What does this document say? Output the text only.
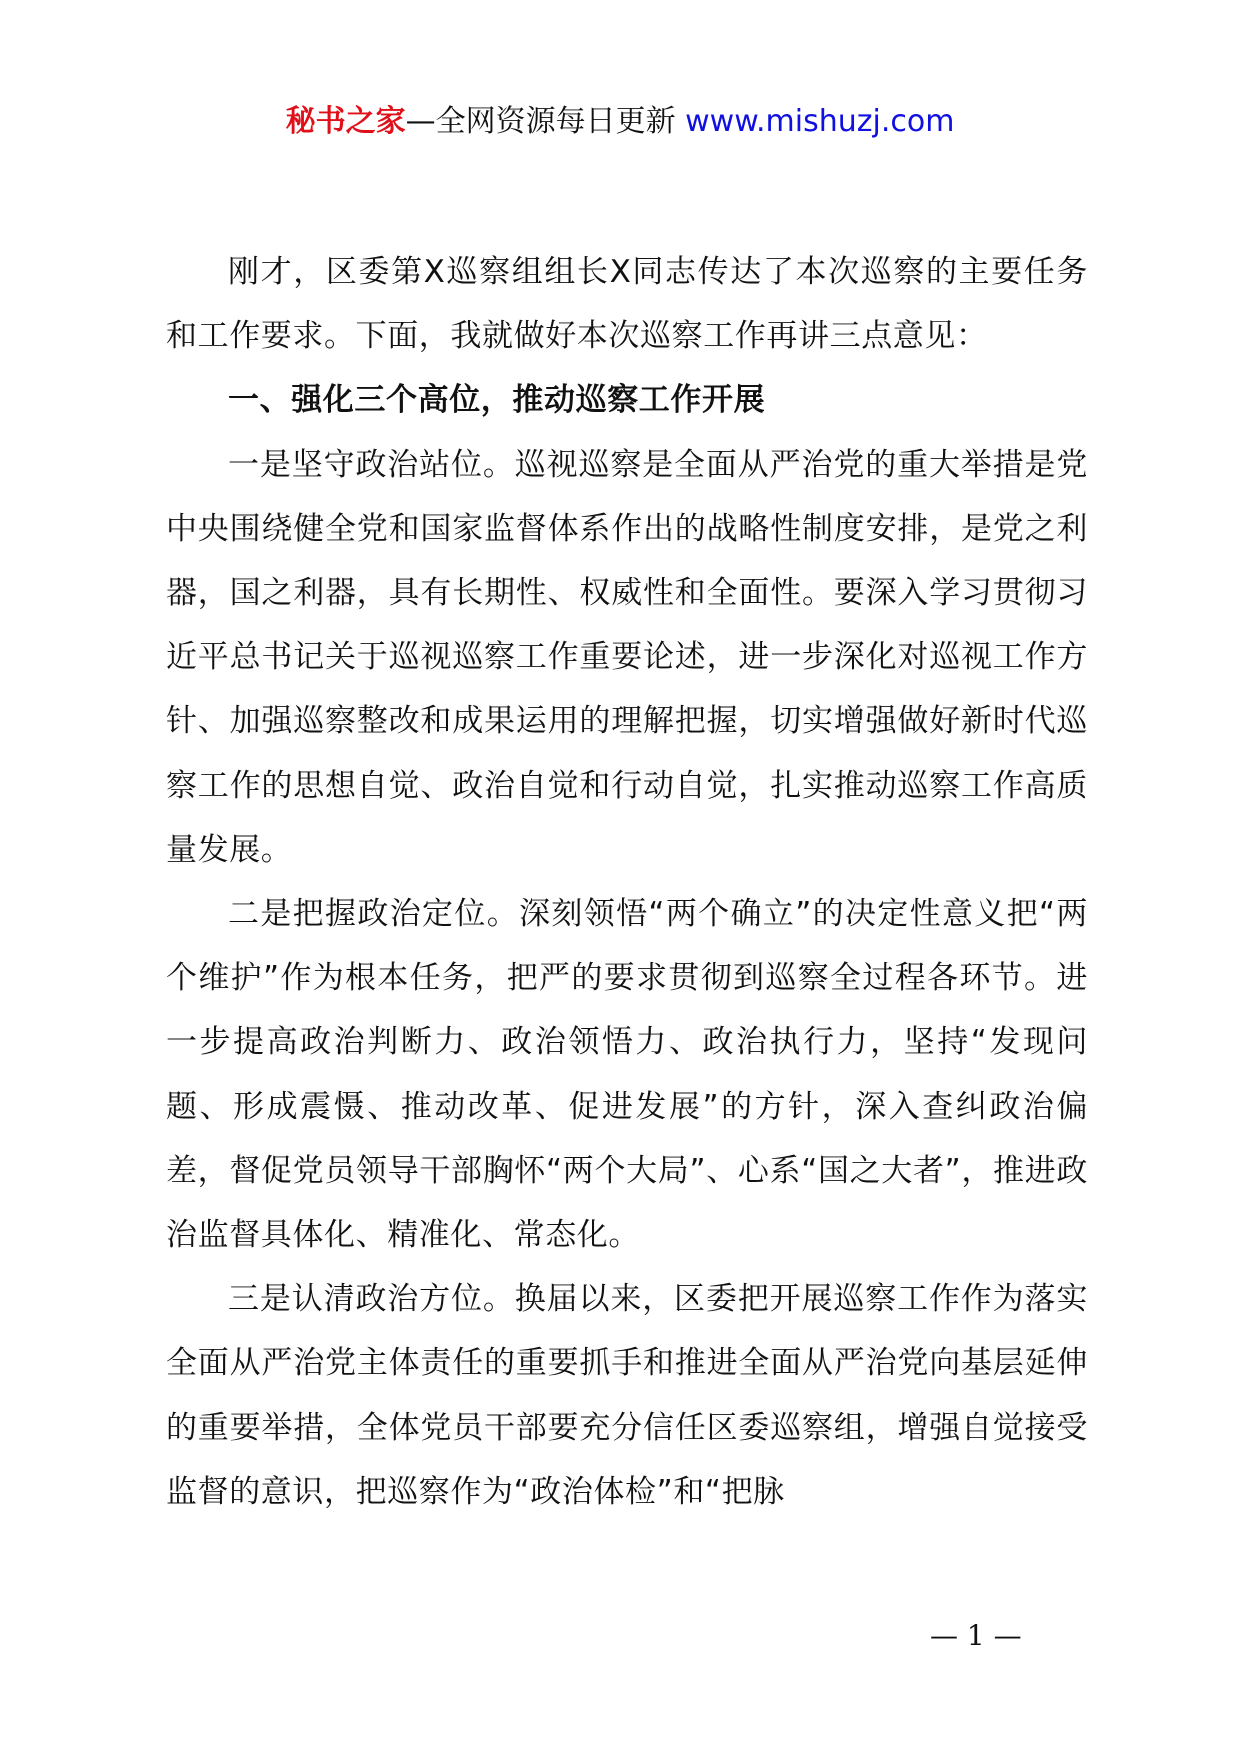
秘书之家—全网资源每日更新 www.mishuzj.com

刚才，区委第X巡察组组长X同志传达了本次巡察的主要任务和工作要求。下面，我就做好本次巡察工作再讲三点意见：

一、强化三个高位，推动巡察工作开展

一是坚守政治站位。巡视巡察是全面从严治党的重大举措是党中央围绕健全党和国家监督体系作出的战略性制度安排，是党之利器，国之利器，具有长期性、权威性和全面性。要深入学习贯彻习近平总书记关于巡视巡察工作重要论述，进一步深化对巡视工作方针、加强巡察整改和成果运用的理解把握，切实增强做好新时代巡察工作的思想自觉、政治自觉和行动自觉，扎实推动巡察工作高质量发展。

二是把握政治定位。深刻领悟“两个确立”的决定性意义把“两个维护”作为根本任务，把严的要求贯彻到巡察全过程各环节。进一步提高政治判断力、政治领悟力、政治执行力，坚持“发现问题、形成震慑、推动改革、促进发展”的方针，深入查纠政治偏差，督促党员领导干部胸怀“两个大局”、心系“国之大者”，推进政治监督具体化、精准化、常态化。

三是认清政治方位。换届以来，区委把开展巡察工作作为落实全面从严治党主体责任的重要抓手和推进全面从严治党向基层延伸的重要举措，全体党员干部要充分信任区委巡察组，增强自觉接受监督的意识，把巡察作为“政治体检”和“把脉

— 1 —
